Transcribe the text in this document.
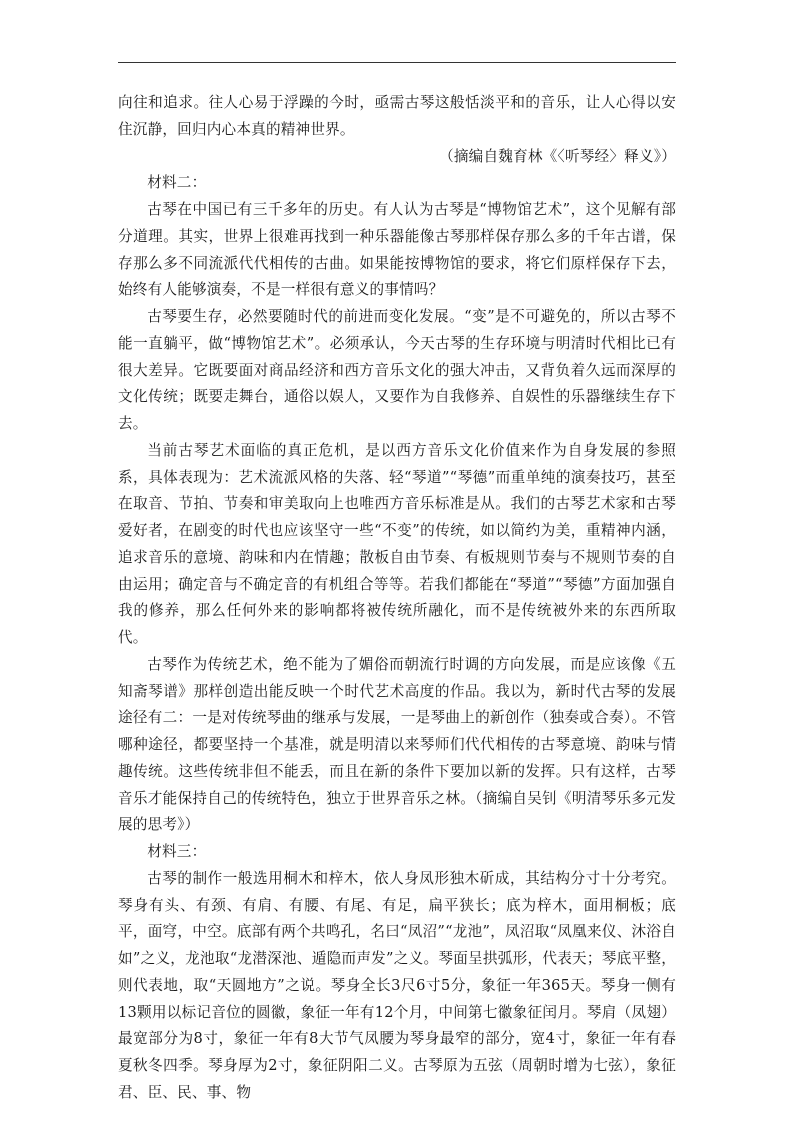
向往和追求。往人心易于浮躁的今时，亟需古琴这般恬淡平和的音乐，让人心得以安住沉静，回归内心本真的精神世界。

（摘编自魏育林《〈听琴经〉释义》）

材料二：

古琴在中国已有三千多年的历史。有人认为古琴是“博物馆艺术”，这个见解有部分道理。其实，世界上很难再找到一种乐器能像古琴那样保存那么多的千年古谱，保存那么多不同流派代代相传的古曲。如果能按博物馆的要求，将它们原样保存下去，始终有人能够演奏，不是一样很有意义的事情吗？

古琴要生存，必然要随时代的前进而变化发展。“变”是不可避免的，所以古琴不能一直躺平，做“博物馆艺术”。必须承认，今天古琴的生存环境与明清时代相比已有很大差异。它既要面对商品经济和西方音乐文化的强大冲击，又背负着久远而深厚的文化传统；既要走舞台，通俗以娱人，又要作为自我修养、自娱性的乐器继续生存下去。

当前古琴艺术面临的真正危机，是以西方音乐文化价值来作为自身发展的参照系，具体表现为：艺术流派风格的失落、轻“琴道”“琴德”而重单纯的演奏技巧，甚至在取音、节拍、节奏和审美取向上也唯西方音乐标准是从。我们的古琴艺术家和古琴爱好者，在剧变的时代也应该坚守一些“不变”的传统，如以简约为美，重精神内涵，追求音乐的意境、韵味和内在情趣；散板自由节奏、有板规则节奏与不规则节奏的自由运用；确定音与不确定音的有机组合等等。若我们都能在“琴道”“琴德”方面加强自我的修养，那么任何外来的影响都将被传统所融化，而不是传统被外来的东西所取代。

古琴作为传统艺术，绝不能为了媚俗而朝流行时调的方向发展，而是应该像《五知斋琴谱》那样创造出能反映一个时代艺术高度的作品。我以为，新时代古琴的发展途径有二：一是对传统琴曲的继承与发展，一是琴曲上的新创作（独奏或合奏）。不管哪种途径，都要坚持一个基准，就是明清以来琴师们代代相传的古琴意境、韵味与情趣传统。这些传统非但不能丢，而且在新的条件下要加以新的发挥。只有这样，古琴音乐才能保持自己的传统特色，独立于世界音乐之林。（摘编自吴钊《明清琴乐多元发展的思考》）

材料三：

古琴的制作一般选用桐木和梓木，依人身凤形独木斫成，其结构分寸十分考究。琴身有头、有颈、有肩、有腰、有尾、有足，扁平狭长；底为梓木，面用桐板；底平，面穹，中空。底部有两个共鸣孔，名曰“凤沼”“龙池”，凤沼取“凤凰来仪、沐浴自如”之义，龙池取“龙潜深池、遁隐而声发”之义。琴面呈拱弧形，代表天；琴底平整，则代表地，取“天圆地方”之说。琴身全长3尺6寸5分，象征一年365天。琴身一侧有13颗用以标记音位的圆徽，象征一年有12个月，中间第七徽象征闰月。琴肩（凤翅）最宽部分为8寸，象征一年有8大节气凤腰为琴身最窄的部分，宽4寸，象征一年有春夏秋冬四季。琴身厚为2寸，象征阴阳二义。古琴原为五弦（周朝时增为七弦），象征君、臣、民、事、物
